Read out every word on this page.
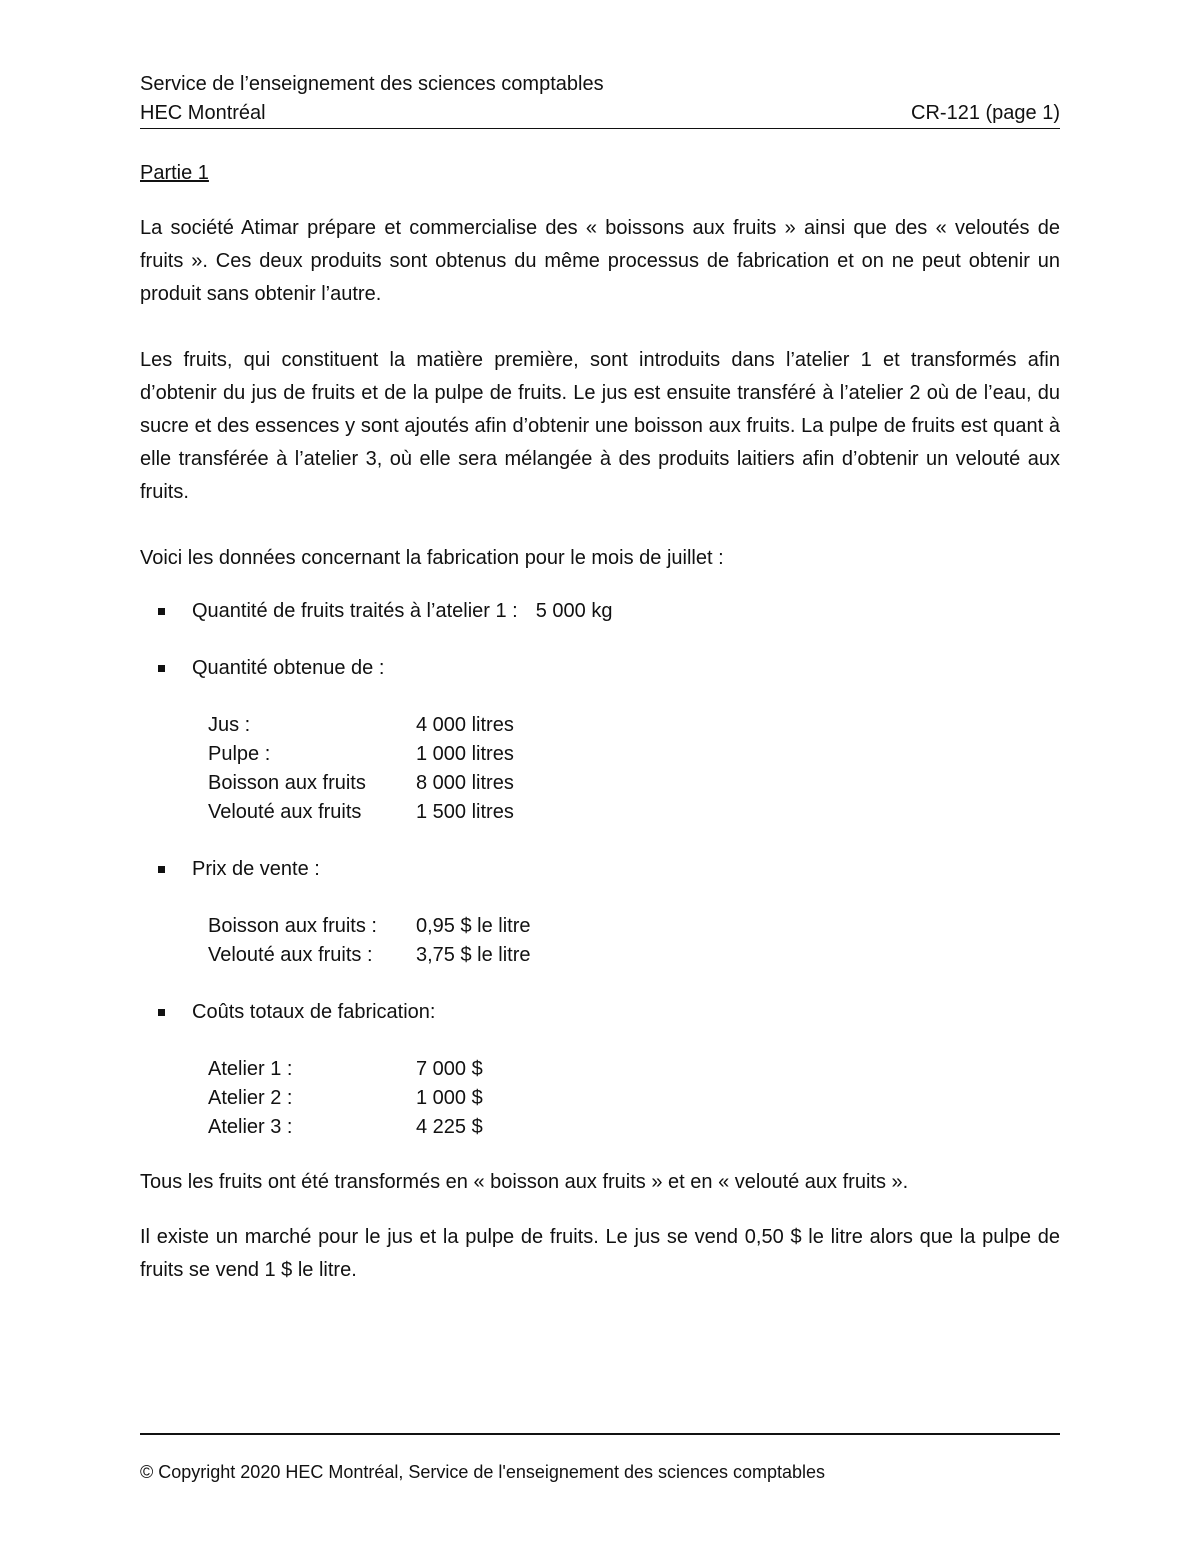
Service de l’enseignement des sciences comptables
HEC Montréal	CR-121 (page 1)

Partie 1

La société Atimar prépare et commercialise des « boissons aux fruits » ainsi que des « veloutés de fruits ». Ces deux produits sont obtenus du même processus de fabrication et on ne peut obtenir un produit sans obtenir l’autre.

Les fruits, qui constituent la matière première, sont introduits dans l’atelier 1 et transformés afin d’obtenir du jus de fruits et de la pulpe de fruits. Le jus est ensuite transféré à l’atelier 2 où de l’eau, du sucre et des essences y sont ajoutés afin d’obtenir une boisson aux fruits. La pulpe de fruits est quant à elle transférée à l’atelier 3, où elle sera mélangée à des produits laitiers afin d’obtenir un velouté aux fruits.

Voici les données concernant la fabrication pour le mois de juillet :

Quantité de fruits traités à l’atelier 1 : 5 000 kg
Quantité obtenue de :
Jus :	4 000 litres
Pulpe :	1 000 litres
Boisson aux fruits	8 000 litres
Velouté aux fruits	1 500 litres
Prix de vente :
Boisson aux fruits :	0,95 $ le litre
Velouté aux fruits :	3,75 $ le litre
Coûts totaux de fabrication:
Atelier 1 :	7 000 $
Atelier 2 :	1 000 $
Atelier 3 :	4 225 $

Tous les fruits ont été transformés en « boisson aux fruits » et en « velouté aux fruits ».

Il existe un marché pour le jus et la pulpe de fruits. Le jus se vend 0,50 $ le litre alors que la pulpe de fruits se vend 1 $ le litre.

© Copyright 2020 HEC Montréal, Service de l'enseignement des sciences comptables
